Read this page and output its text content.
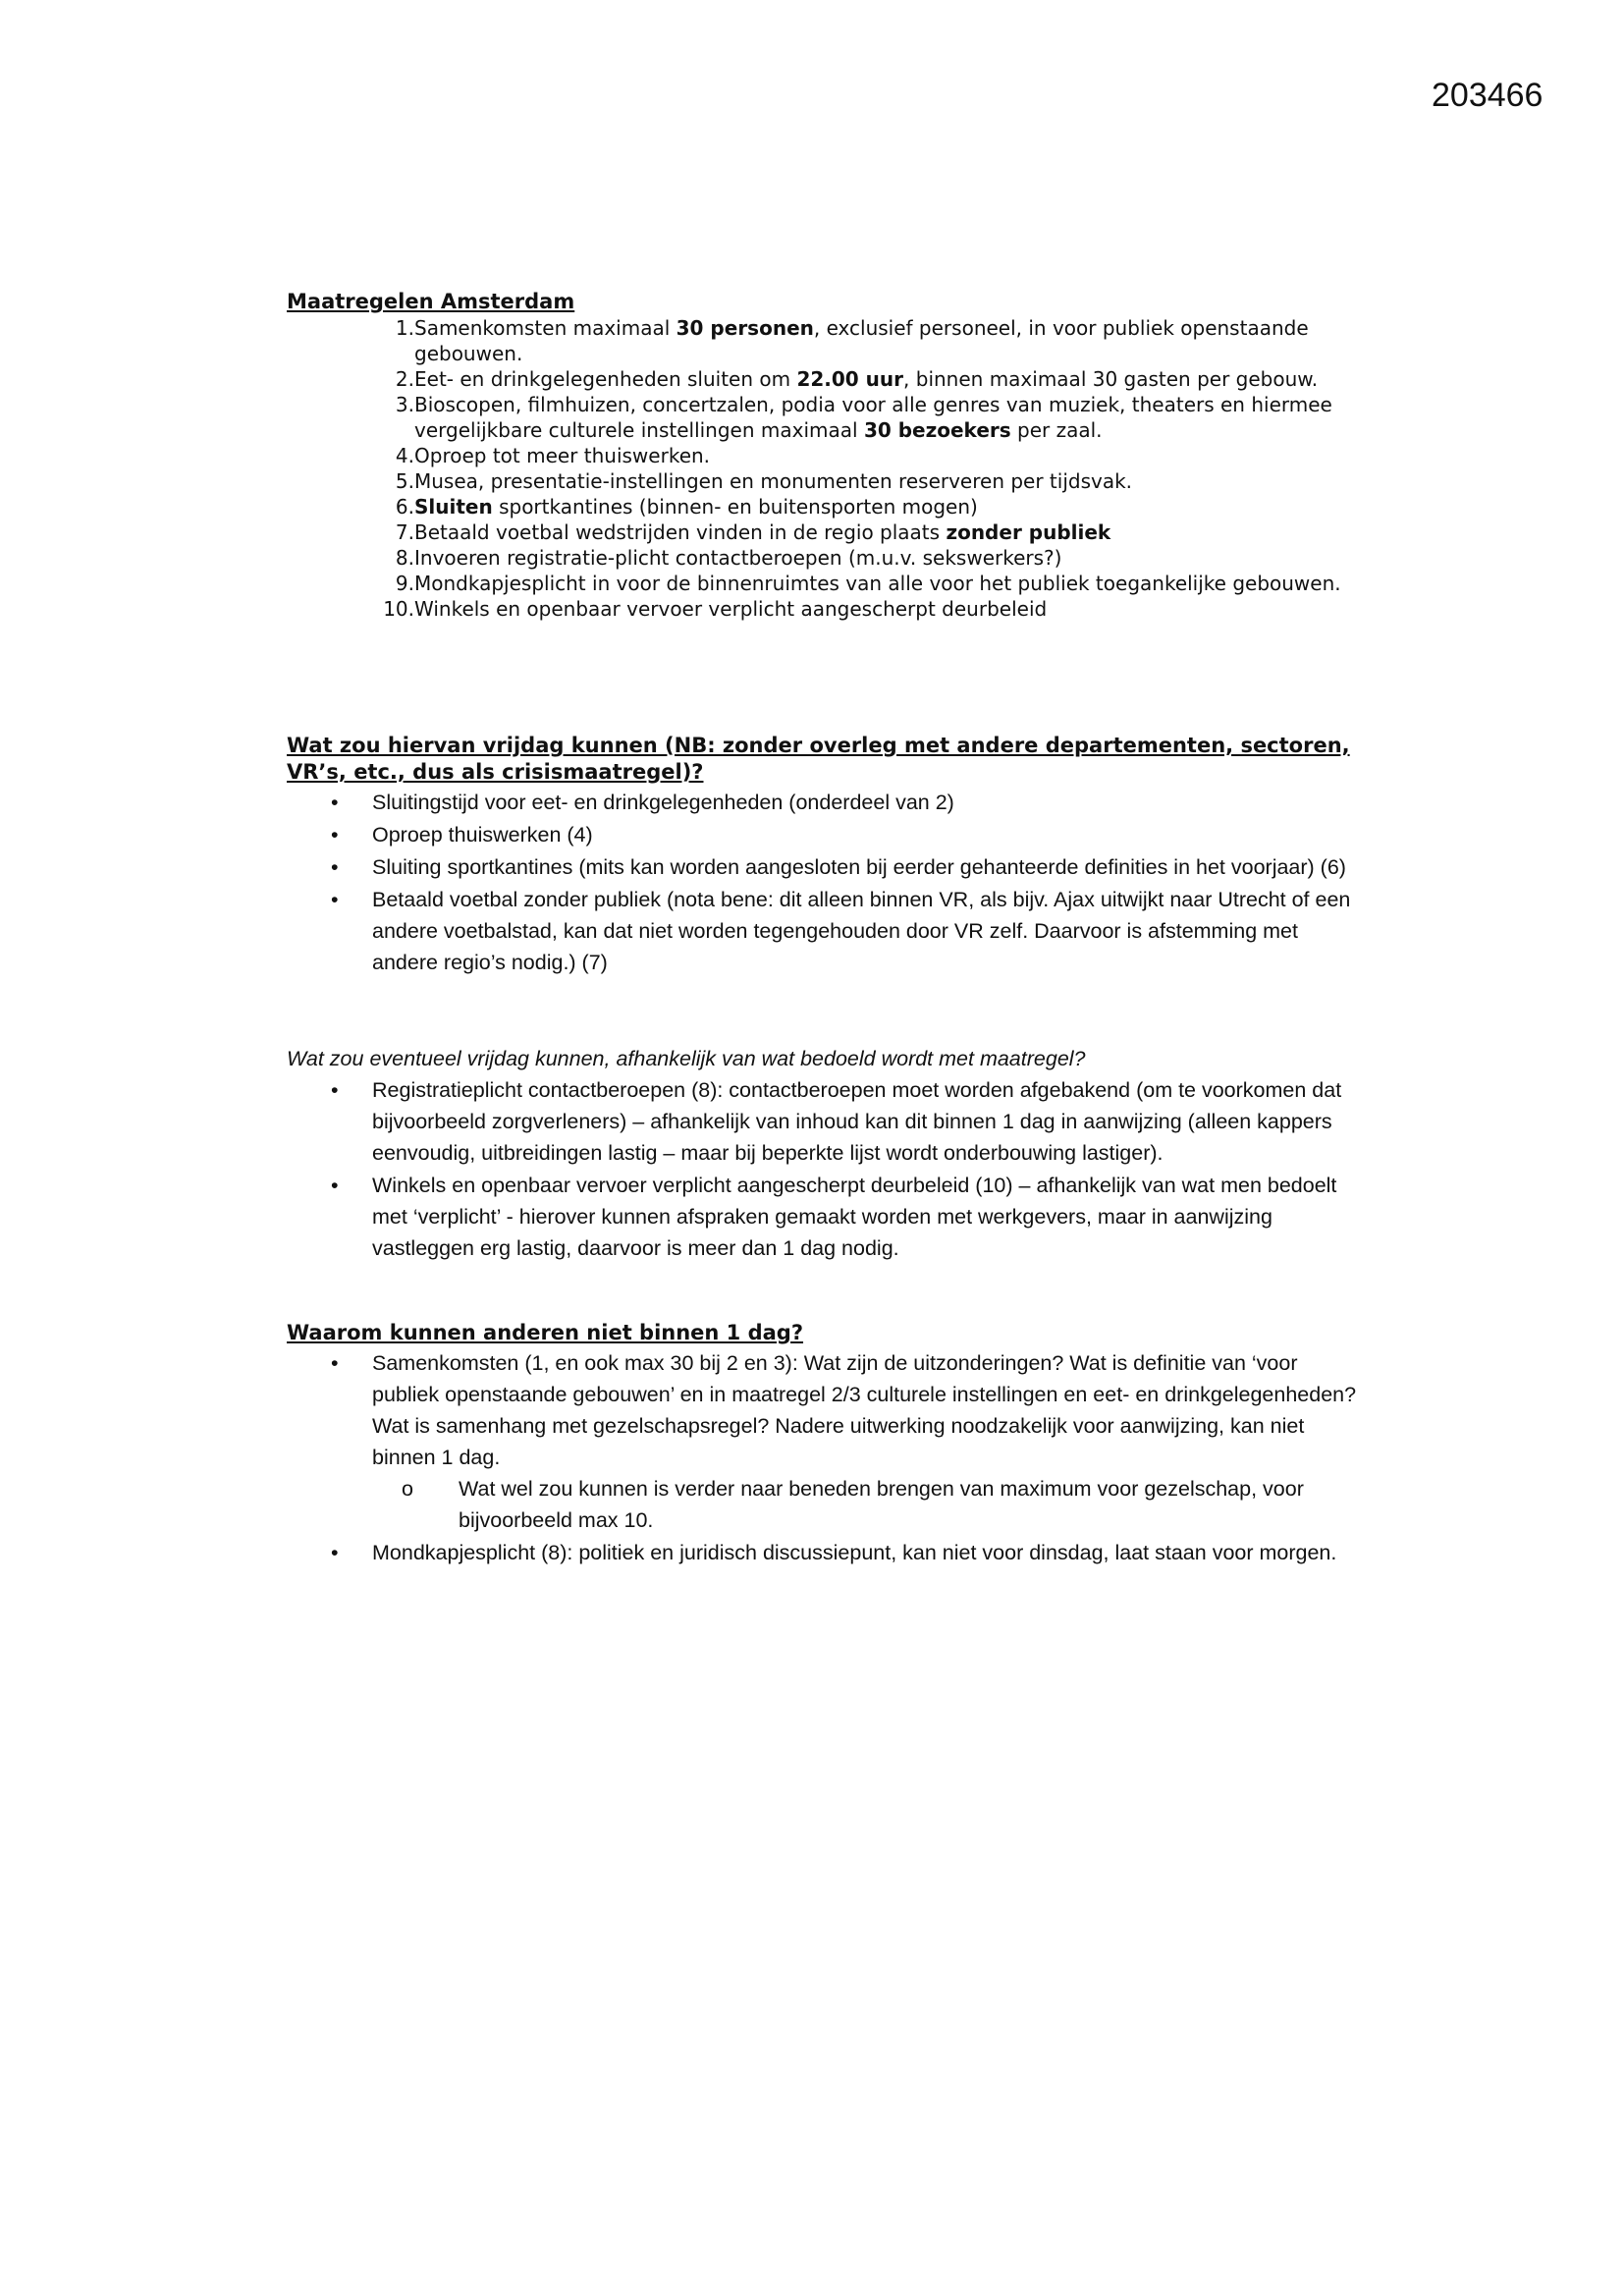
203466

Maatregelen Amsterdam

1. Samenkomsten maximaal 30 personen, exclusief personeel, in voor publiek openstaande gebouwen.
2. Eet- en drinkgelegenheden sluiten om 22.00 uur, binnen maximaal 30 gasten per gebouw.
3. Bioscopen, filmhuizen, concertzalen, podia voor alle genres van muziek, theaters en hiermee vergelijkbare culturele instellingen maximaal 30 bezoekers per zaal.
4. Oproep tot meer thuiswerken.
5. Musea, presentatie-instellingen en monumenten reserveren per tijdsvak.
6. Sluiten sportkantines (binnen- en buitensporten mogen)
7. Betaald voetbal wedstrijden vinden in de regio plaats zonder publiek
8. Invoeren registratie-plicht contactberoepen (m.u.v. sekswerkers?)
9. Mondkapjesplicht in voor de binnenruimtes van alle voor het publiek toegankelijke gebouwen.
10. Winkels en openbaar vervoer verplicht aangescherpt deurbeleid

Wat zou hiervan vrijdag kunnen (NB: zonder overleg met andere departementen, sectoren, VR’s, etc., dus als crisismaatregel)?

• Sluitingstijd voor eet- en drinkgelegenheden (onderdeel van 2)
• Oproep thuiswerken (4)
• Sluiting sportkantines (mits kan worden aangesloten bij eerder gehanteerde definities in het voorjaar) (6)
• Betaald voetbal zonder publiek (nota bene: dit alleen binnen VR, als bijv. Ajax uitwijkt naar Utrecht of een andere voetbalstad, kan dat niet worden tegengehouden door VR zelf. Daarvoor is afstemming met andere regio’s nodig.) (7)

Wat zou eventueel vrijdag kunnen, afhankelijk van wat bedoeld wordt met maatregel?

• Registratieplicht contactberoepen (8): contactberoepen moet worden afgebakend (om te voorkomen dat bijvoorbeeld zorgverleners) – afhankelijk van inhoud kan dit binnen 1 dag in aanwijzing (alleen kappers eenvoudig, uitbreidingen lastig – maar bij beperkte lijst wordt onderbouwing lastiger).
• Winkels en openbaar vervoer verplicht aangescherpt deurbeleid (10) – afhankelijk van wat men bedoelt met ‘verplicht’ - hierover kunnen afspraken gemaakt worden met werkgevers, maar in aanwijzing vastleggen erg lastig, daarvoor is meer dan 1 dag nodig.

Waarom kunnen anderen niet binnen 1 dag?

• Samenkomsten (1, en ook max 30 bij 2 en 3): Wat zijn de uitzonderingen? Wat is definitie van ‘voor publiek openstaande gebouwen’ en in maatregel 2/3 culturele instellingen en eet- en drinkgelegenheden? Wat is samenhang met gezelschapsregel? Nadere uitwerking noodzakelijk voor aanwijzing, kan niet binnen 1 dag.
o Wat wel zou kunnen is verder naar beneden brengen van maximum voor gezelschap, voor bijvoorbeeld max 10.
• Mondkapjesplicht (8): politiek en juridisch discussiepunt, kan niet voor dinsdag, laat staan voor morgen.
